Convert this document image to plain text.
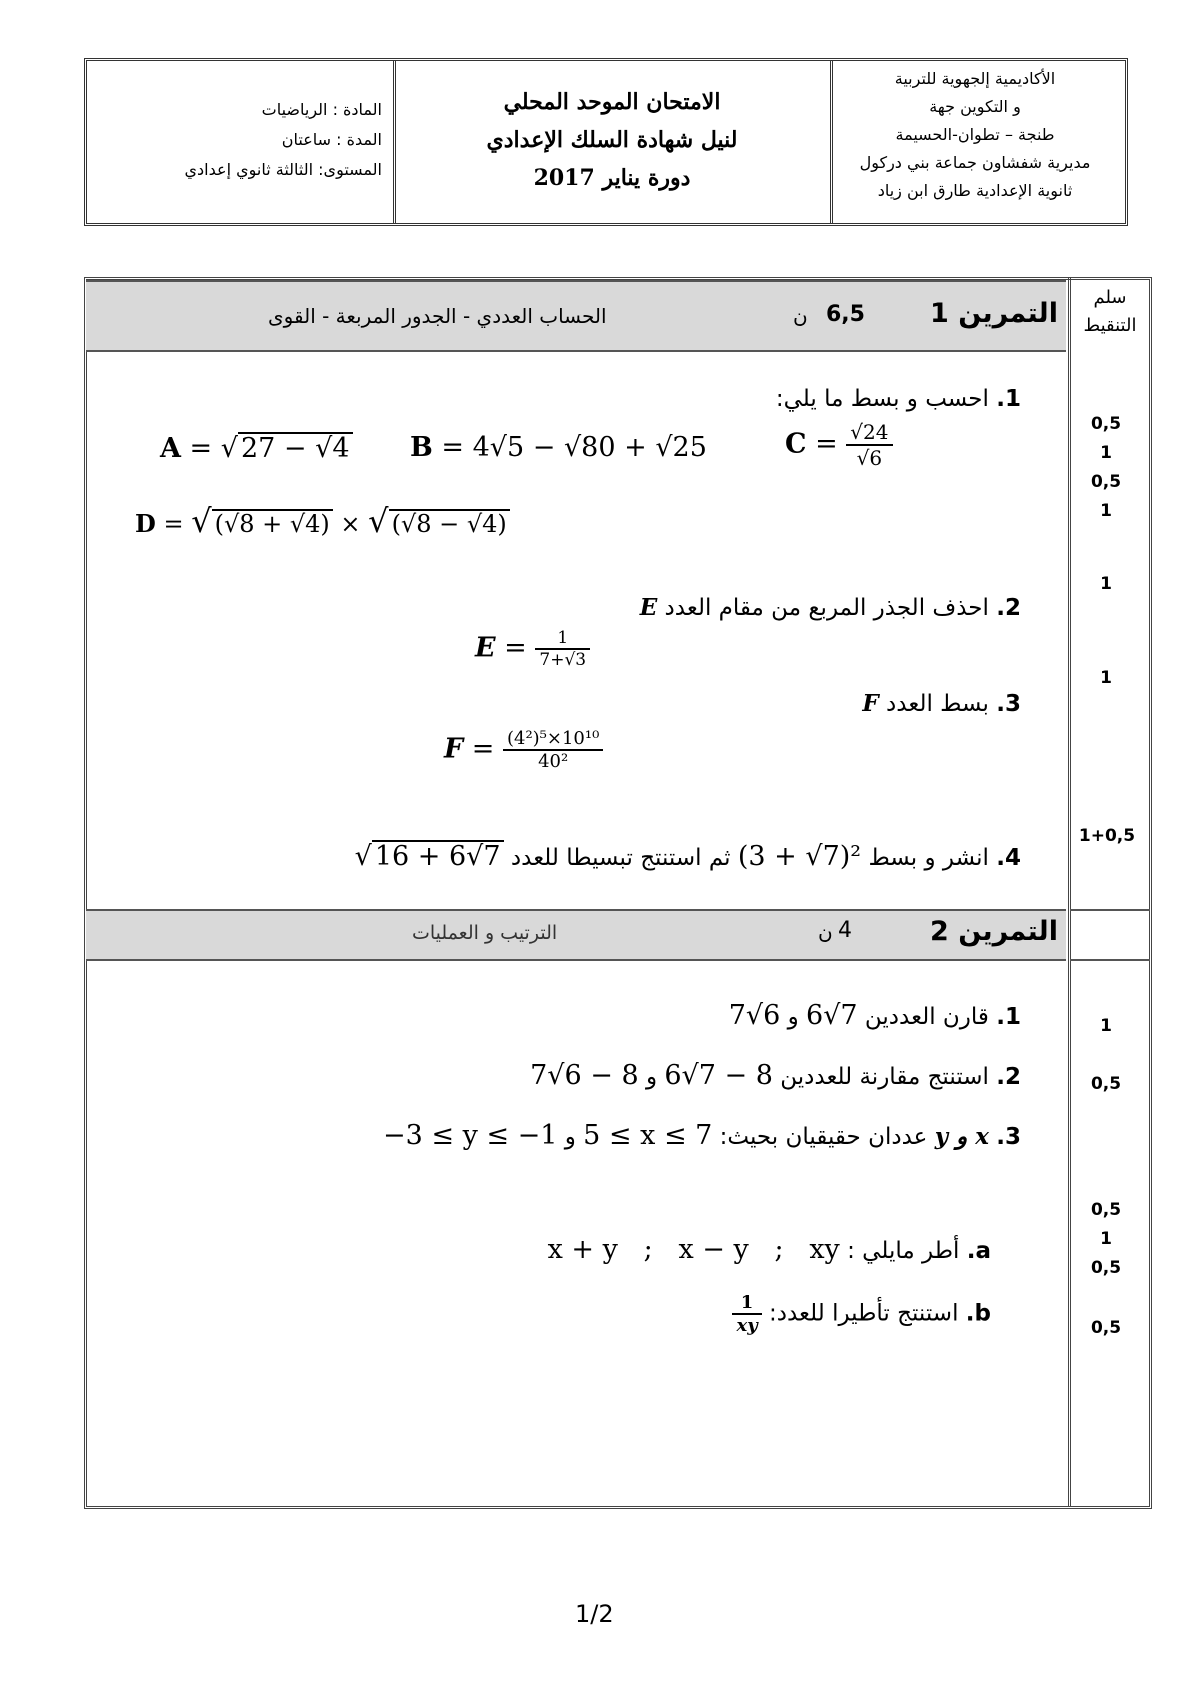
الأكاديمية إلجهوية للتربية
و التكوين جهة
طنجة – تطوان-الحسيمة
مديرية شفشاون جماعة بني دركول
ثانوية الإعدادية طارق ابن زياد
الامتحان الموحد المحلي
لنيل شهادة السلك الإعدادي
دورة يناير 2017
المادة : الرياضيات
المدة : ساعتان
المستوى: الثالثة ثانوي إعدادي
سلم
التنقيط
التمرين 1
6,5
ن
الحساب العددي - الجدور المربعة - القوى
1. احسب و بسط ما يلي:
A = √ 27 − √4 B = 4√5 − √80 + √25	$C = \frac{√24}{√6}$
D = √ (√8 + √4) × √ (√8 − √4)
2. احذف الجذر المربع من مقام العدد E
$E = \frac{1}{7+√3}$
3. بسط العدد F
$F = \frac{\text{(4²)⁵×10¹⁰}}{\text{40²}}$
4. انشر و بسط (3 + √7)² ثم استنتج تبسيطا للعدد √ 16 + 6√7
0,5
1
0,5
1
1
1
1+0,5
التمرين 2
4
ن
الترتيب و العمليات
1. قارن العددين 6√7 و 7√6
2. استنتج مقارنة للعددين 6√7 − 8 و 7√6 − 8
3. x و y عددان حقيقيان بحيث: 5 ≤ x ≤ 7 و −3 ≤ y ≤ −1
a. أطر مايلي : x + y   ;   x − y   ;   xy
b. استنتج تأطيرا للعدد:
$\frac{1}{xy}$
1
0,5
0,5
1
0,5
0,5
1/2
